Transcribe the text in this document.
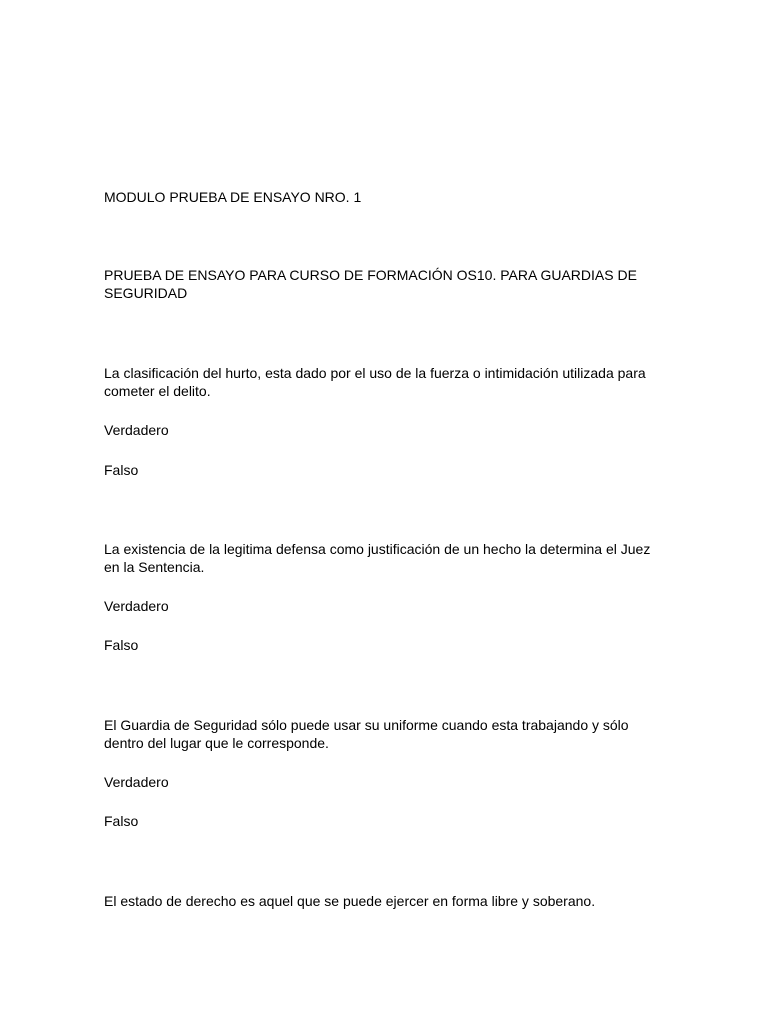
MODULO PRUEBA DE ENSAYO NRO. 1

PRUEBA DE ENSAYO PARA CURSO DE FORMACIÓN OS10. PARA GUARDIAS DE SEGURIDAD

La clasificación del hurto, esta dado por el uso de la fuerza o intimidación utilizada para cometer el delito.

Verdadero

Falso

La existencia de la legitima defensa como justificación de un hecho la determina el Juez en la Sentencia.

Verdadero

Falso

El Guardia de Seguridad sólo puede usar su uniforme cuando esta trabajando y sólo dentro del lugar que le corresponde.

Verdadero

Falso

El estado de derecho es aquel que se puede ejercer en forma libre y soberano.
